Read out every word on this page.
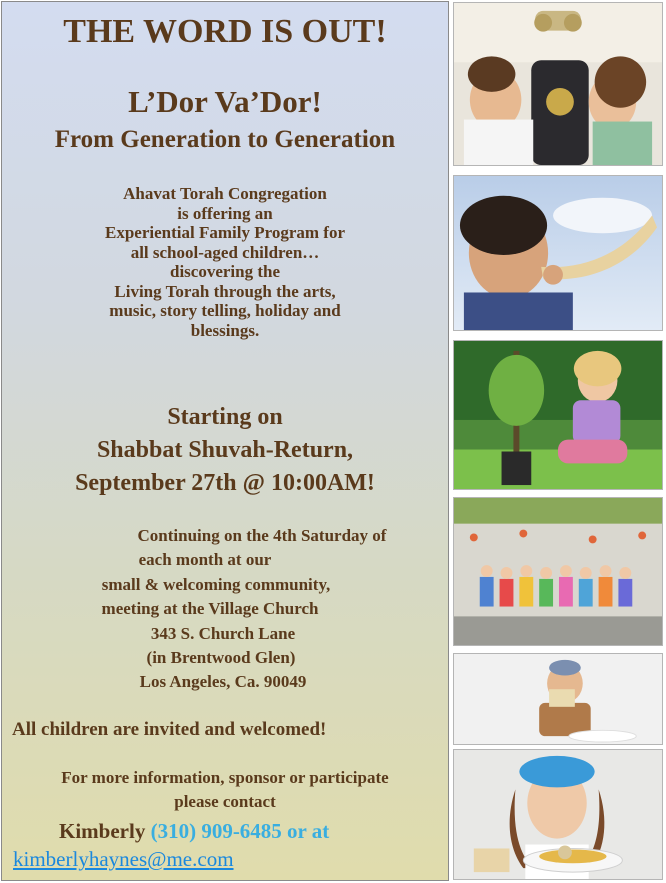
THE WORD IS OUT!
L’Dor Va’Dor!
From Generation to Generation
Ahavat Torah Congregation
is offering an
Experiential Family Program for
all school-aged children…
discovering the
Living Torah through the arts,
music, story telling, holiday and
blessings.
Starting on
Shabbat Shuvah-Return,
September 27th @ 10:00AM!
Continuing on the 4th Saturday of
each month at our
small & welcoming community,
meeting at the Village Church
343 S. Church Lane
(in Brentwood Glen)
Los Angeles, Ca. 90049
All children are invited and welcomed!
For more information, sponsor or participate
please contact
Kimberly (310) 909-6485 or at
kimberlyhaynes@me.com
